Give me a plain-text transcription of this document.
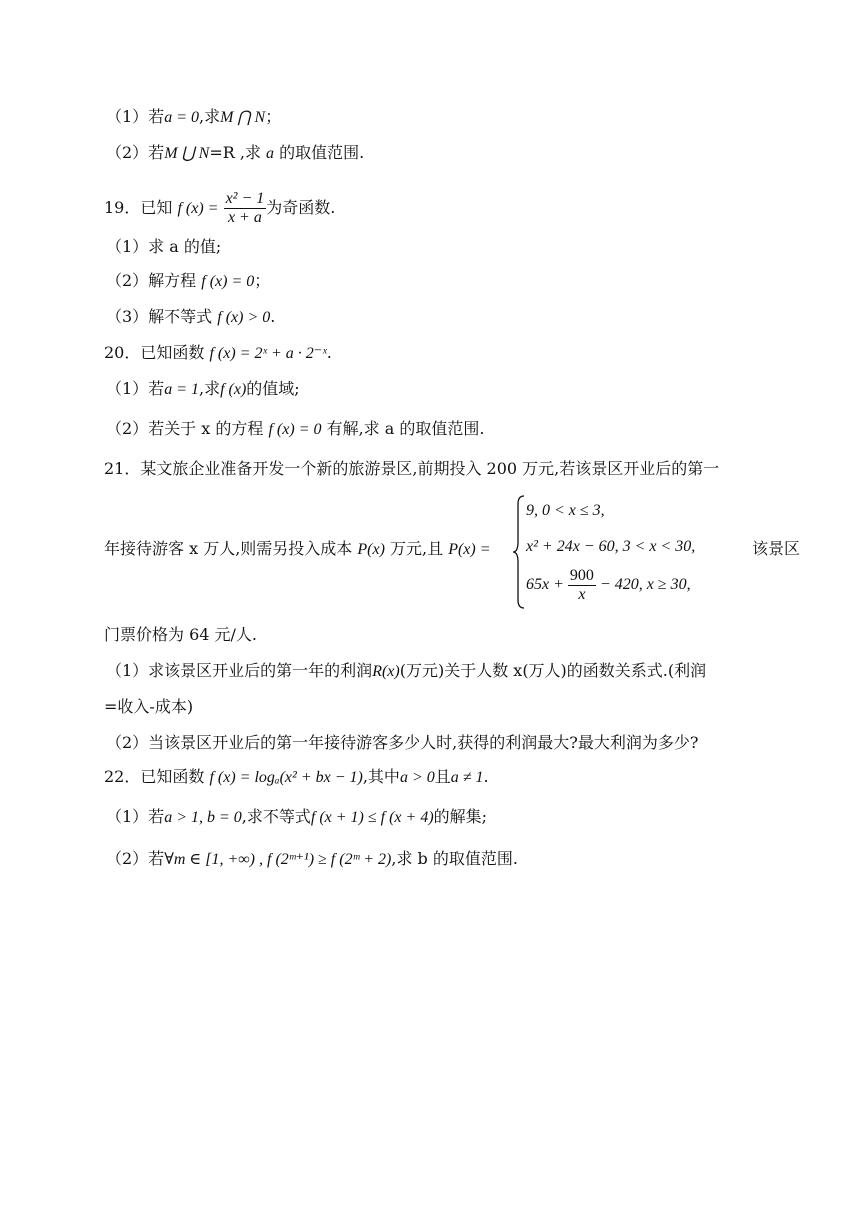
（1）若a = 0,求M ⋂ N；
（2）若M ⋃ N=R ,求 a 的取值范围.
19．已知 f $(x) = \frac{\text{x² − 1}}{x + a}$ 为奇函数.
（1）求 a 的值;
（2）解方程 f (x) = 0；
（3）解不等式 f (x) > 0.
20．已知函数 f (x) = 2ˣ + a · 2⁻ˣ.
（1）若a = 1,求f (x)的值域;
（2）若关于 x 的方程 f (x) = 0 有解,求 a 的取值范围.
21．某文旅企业准备开发一个新的旅游景区,前期投入 200 万元,若该景区开业后的第一
年接待游客 x 万人,则需另投入成本 P(x) 万元,且 P(x) =
9, 0 < x ≤ 3,
x² + 24x − 60, 3 < x < 30,
$65x + \frac{900}{x} - 420$, x ≥ 30,
该景区
门票价格为 64 元/人.
（1）求该景区开业后的第一年的利润R(x)(万元)关于人数 x(万人)的函数关系式.(利润
=收入-成本)
（2）当该景区开业后的第一年接待游客多少人时,获得的利润最大?最大利润为多少?
22．已知函数 f (x) = logₐ(x² + bx − 1),其中a > 0且a ≠ 1.
（1）若a > 1, b = 0,求不等式f (x + 1) ≤ f (x + 4)的解集;
（2）若∀m ∈ [1, +∞) , f (2ᵐ⁺¹) ≥ f (2ᵐ + 2),求 b 的取值范围.
